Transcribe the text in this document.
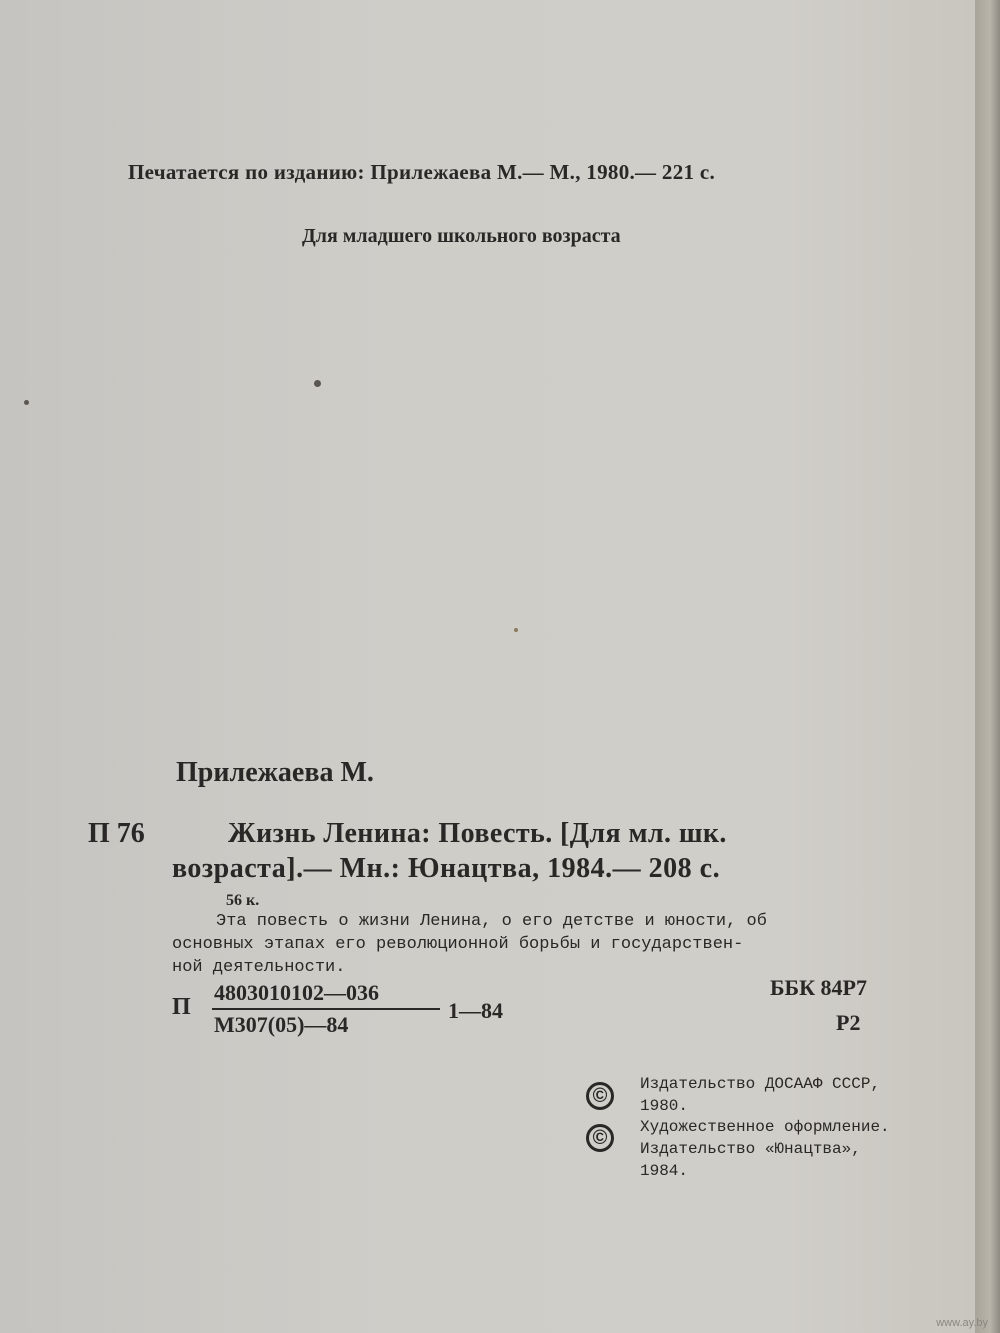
Печатается по изданию: Прилежаева М.— М., 1980.— 221 с.
Для младшего школьного возраста
Прилежаева М.
П 76	Жизнь Ленина: Повесть. [Для мл. шк.
возраста].— Мн.: Юнацтва, 1984.— 208 с.
56 к.
Эта повесть о жизни Ленина, о его детстве и юности, об
основных этапах его революционной борьбы и государствен-
ной деятельности.
П
4803010102—036
М307(05)—84
1—84
ББК 84Р7
Р2
©
Издательство ДОСААФ СССР,
1980.
©	Художественное оформление.
Издательство «Юнацтва»,
1984.
www.ay.by
